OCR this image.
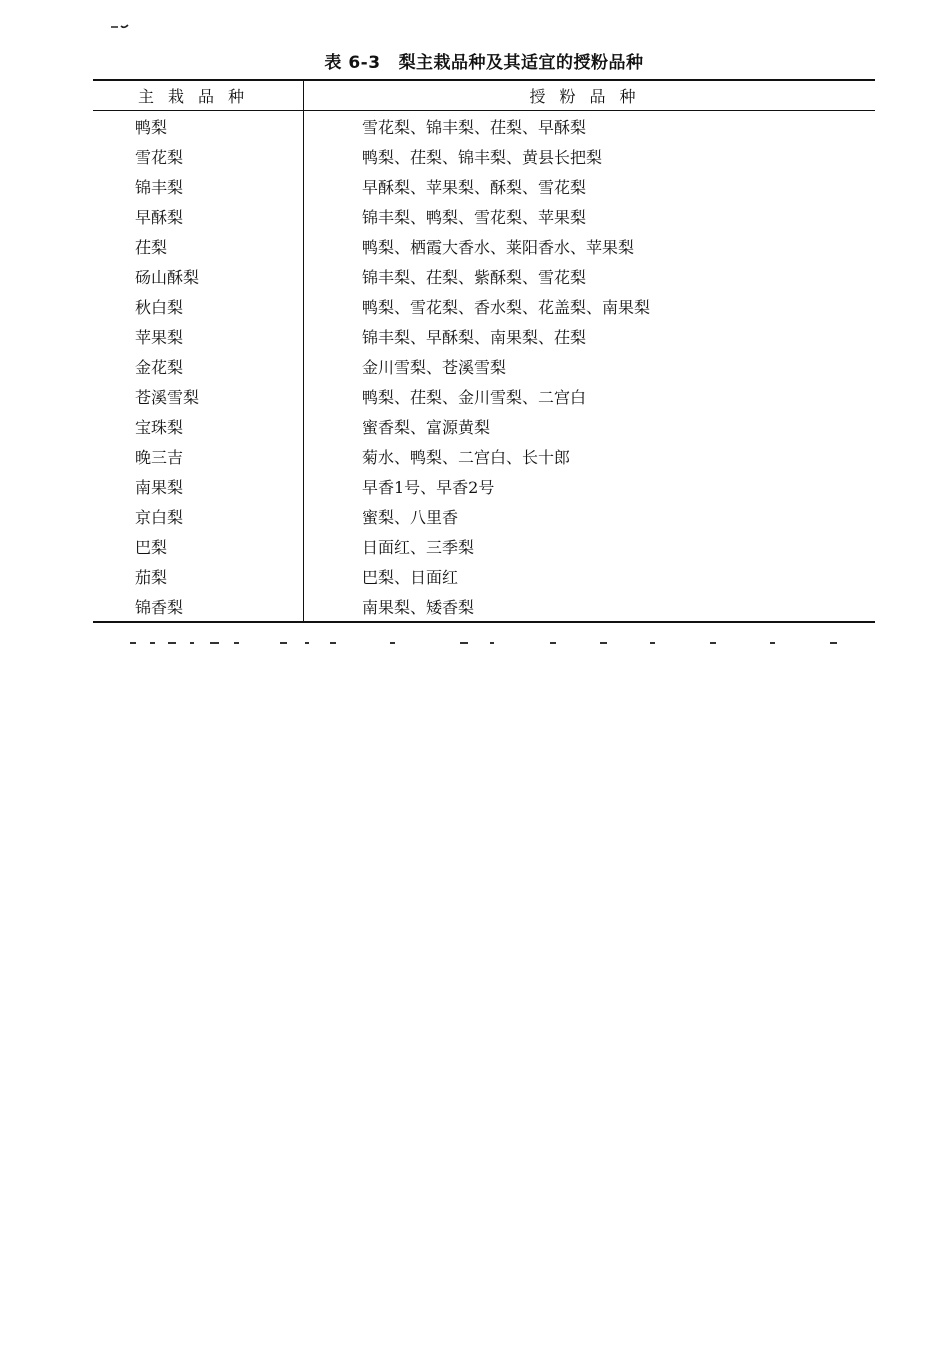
表 6-3 梨主栽品种及其适宜的授粉品种
主栽品种	授粉品种
鸭梨	雪花梨、锦丰梨、茌梨、早酥梨
雪花梨	鸭梨、茌梨、锦丰梨、黄县长把梨
锦丰梨	早酥梨、苹果梨、酥梨、雪花梨
早酥梨	锦丰梨、鸭梨、雪花梨、苹果梨
茌梨	鸭梨、栖霞大香水、莱阳香水、苹果梨
砀山酥梨	锦丰梨、茌梨、紫酥梨、雪花梨
秋白梨	鸭梨、雪花梨、香水梨、花盖梨、南果梨
苹果梨	锦丰梨、早酥梨、南果梨、茌梨
金花梨	金川雪梨、苍溪雪梨
苍溪雪梨	鸭梨、茌梨、金川雪梨、二宫白
宝珠梨	蜜香梨、富源黄梨
晚三吉	菊水、鸭梨、二宫白、长十郎
南果梨	早香1号、早香2号
京白梨	蜜梨、八里香
巴梨	日面红、三季梨
茄梨	巴梨、日面红
锦香梨	南果梨、矮香梨
